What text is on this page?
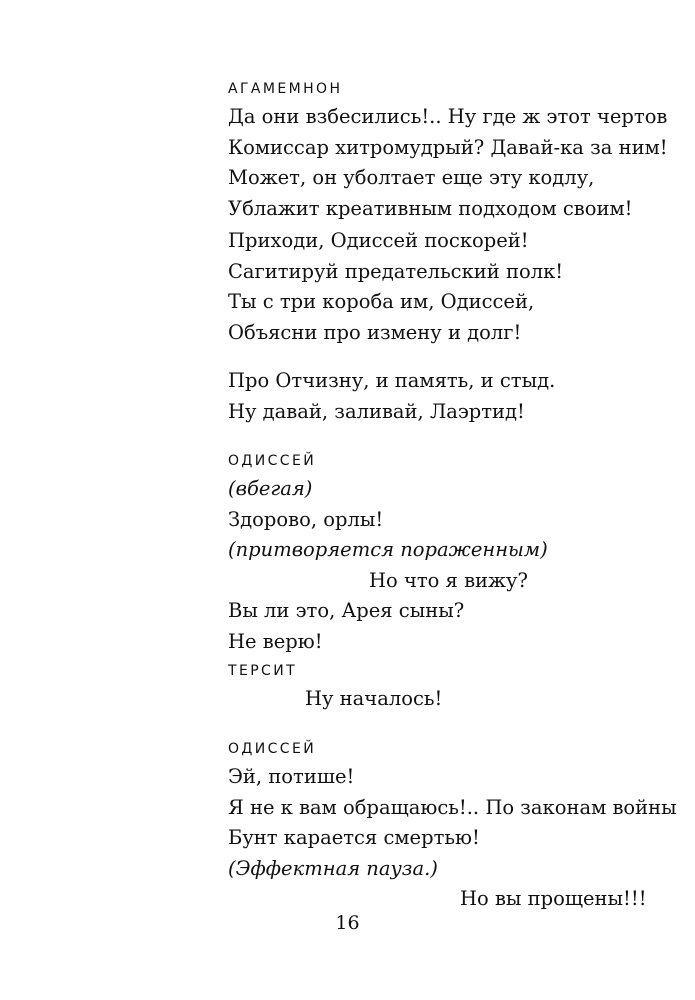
АГАМЕМНОН
Да они взбесились!.. Ну где ж этот чертов
Комиссар хитромудрый? Давай-ка за ним!
Может, он уболтает еще эту кодлу,
Ублажит креативным подходом своим!
Приходи, Одиссей поскорей!
Сагитируй предательский полк!
Ты с три короба им, Одиссей,
Объясни про измену и долг!
Про Отчизну, и память, и стыд.
Ну давай, заливай, Лаэртид!
ОДИССЕЙ
(вбегая)
Здорово, орлы!
(притворяется пораженным)
Но что я вижу?
Вы ли это, Арея сыны?
Не верю!
ТЕРСИТ
Ну началось!
ОДИССЕЙ
Эй, потише!
Я не к вам обращаюсь!.. По законам войны
Бунт карается смертью!
(Эффектная пауза.)
Но вы прощены!!!
16
